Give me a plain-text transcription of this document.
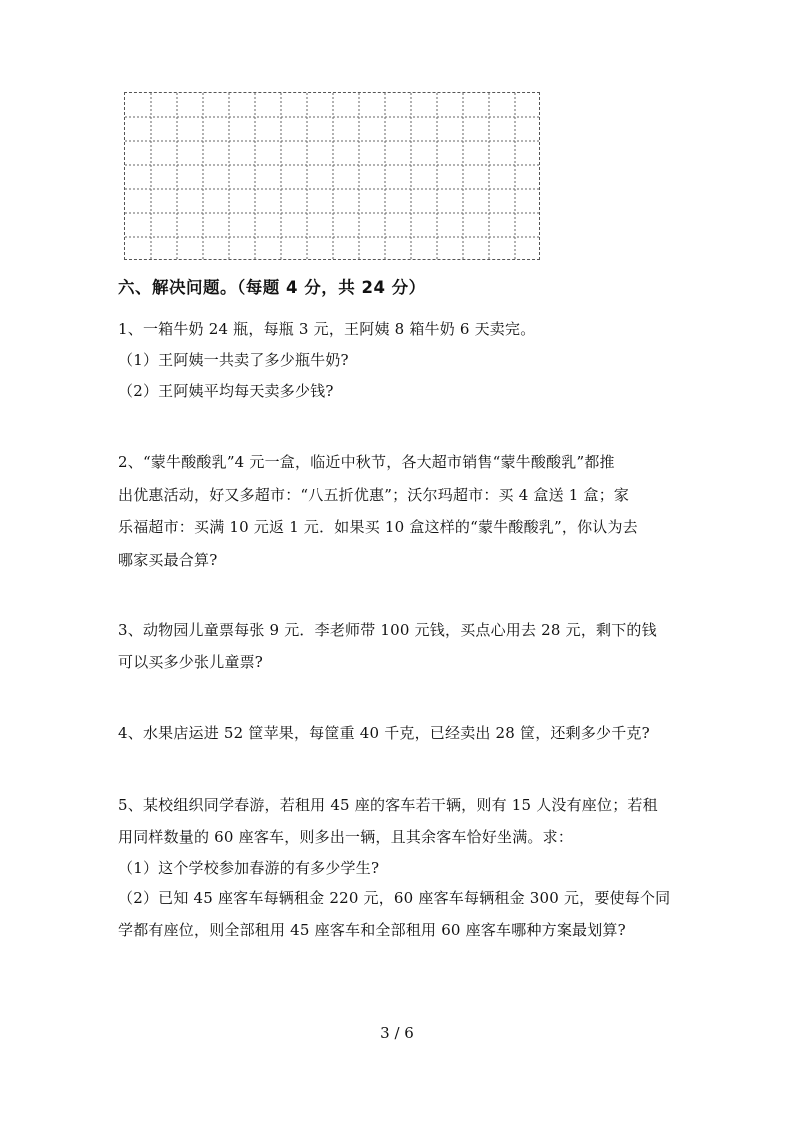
六、解决问题。（每题 4 分，共 24 分）
1、一箱牛奶 24 瓶，每瓶 3 元，王阿姨 8 箱牛奶 6 天卖完。
（1）王阿姨一共卖了多少瓶牛奶?
（2）王阿姨平均每天卖多少钱?
2、“蒙牛酸酸乳”4 元一盒，临近中秋节，各大超市销售“蒙牛酸酸乳”都推
出优惠活动，好又多超市：“八五折优惠”；沃尔玛超市：买 4 盒送 1 盒；家
乐福超市：买满 10 元返 1 元．如果买 10 盒这样的“蒙牛酸酸乳”，你认为去
哪家买最合算?
3、动物园儿童票每张 9 元．李老师带 100 元钱，买点心用去 28 元，剩下的钱
可以买多少张儿童票?
4、水果店运进 52 筐苹果，每筐重 40 千克，已经卖出 28 筐，还剩多少千克?
5、某校组织同学春游，若租用 45 座的客车若干辆，则有 15 人没有座位；若租
用同样数量的 60 座客车，则多出一辆，且其余客车恰好坐满。求：
（1）这个学校参加春游的有多少学生?
（2）已知 45 座客车每辆租金 220 元，60 座客车每辆租金 300 元，要使每个同
学都有座位，则全部租用 45 座客车和全部租用 60 座客车哪种方案最划算?
3 / 6
